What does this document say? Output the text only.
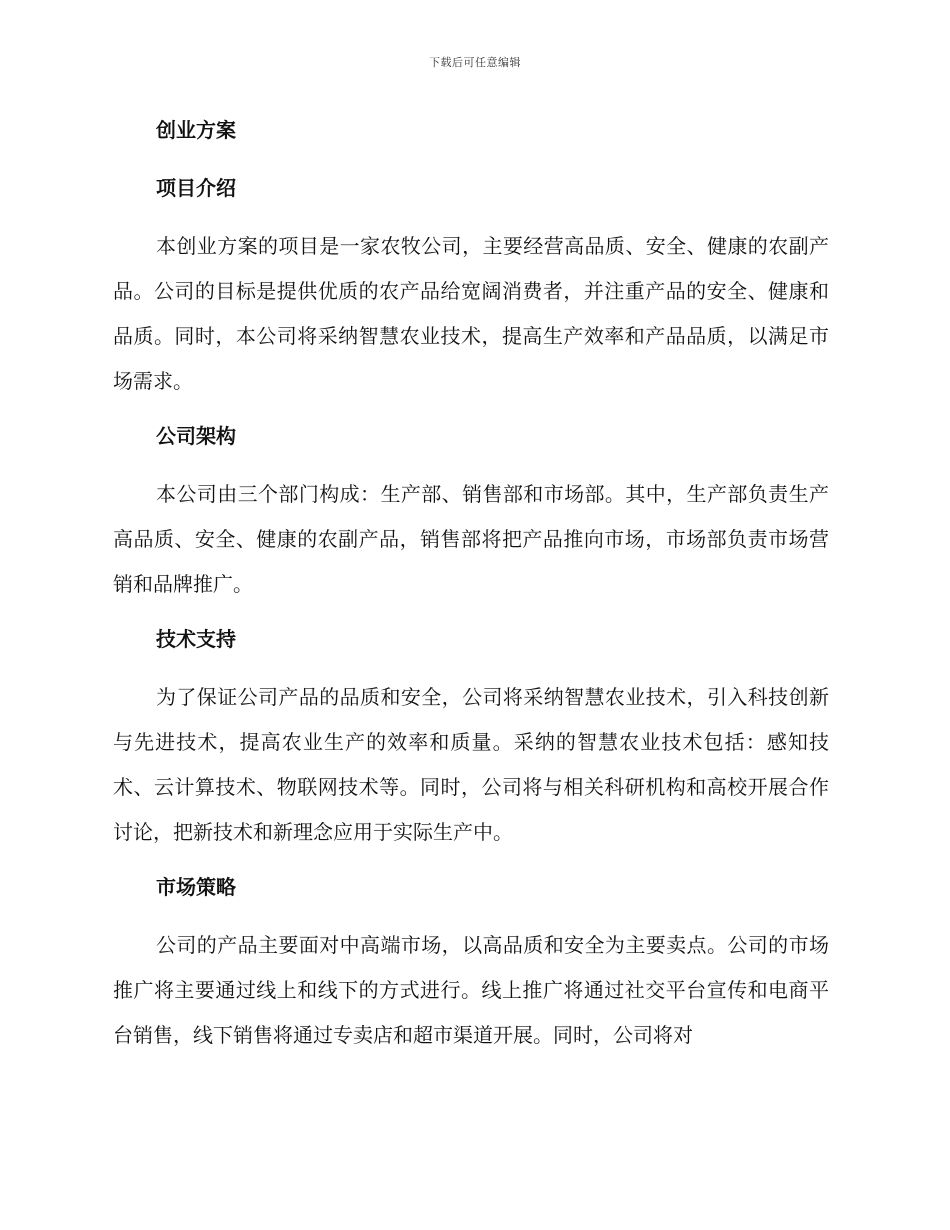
下载后可任意编辑
创业方案
项目介绍

本创业方案的项目是一家农牧公司，主要经营高品质、安全、健康的农副产品。公司的目标是提供优质的农产品给宽阔消费者，并注重产品的安全、健康和品质。同时，本公司将采纳智慧农业技术，提高生产效率和产品品质，以满足市场需求。

公司架构

本公司由三个部门构成：生产部、销售部和市场部。其中，生产部负责生产高品质、安全、健康的农副产品，销售部将把产品推向市场，市场部负责市场营销和品牌推广。

技术支持

为了保证公司产品的品质和安全，公司将采纳智慧农业技术，引入科技创新与先进技术，提高农业生产的效率和质量。采纳的智慧农业技术包括：感知技术、云计算技术、物联网技术等。同时，公司将与相关科研机构和高校开展合作讨论，把新技术和新理念应用于实际生产中。

市场策略

公司的产品主要面对中高端市场，以高品质和安全为主要卖点。公司的市场推广将主要通过线上和线下的方式进行。线上推广将通过社交平台宣传和电商平台销售，线下销售将通过专卖店和超市渠道开展。同时，公司将对
